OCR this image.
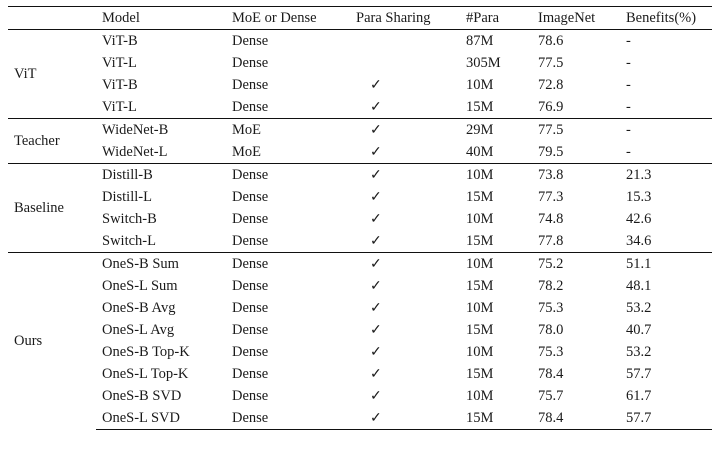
	Model	MoE or Dense	Para Sharing	#Para	ImageNet	Benefits(%)
ViT	ViT-B	Dense		87M	78.6	-
	ViT-L	Dense		305M	77.5	-
	ViT-B	Dense	✓	10M	72.8	-
	ViT-L	Dense	✓	15M	76.9	-
Teacher	WideNet-B	MoE	✓	29M	77.5	-
	WideNet-L	MoE	✓	40M	79.5	-
Baseline	Distill-B	Dense	✓	10M	73.8	21.3
	Distill-L	Dense	✓	15M	77.3	15.3
	Switch-B	Dense	✓	10M	74.8	42.6
	Switch-L	Dense	✓	15M	77.8	34.6
Ours	OneS-B Sum	Dense	✓	10M	75.2	51.1
	OneS-L Sum	Dense	✓	15M	78.2	48.1
	OneS-B Avg	Dense	✓	10M	75.3	53.2
	OneS-L Avg	Dense	✓	15M	78.0	40.7
	OneS-B Top-K	Dense	✓	10M	75.3	53.2
	OneS-L Top-K	Dense	✓	15M	78.4	57.7
	OneS-B SVD	Dense	✓	10M	75.7	61.7
	OneS-L SVD	Dense	✓	15M	78.4	57.7
